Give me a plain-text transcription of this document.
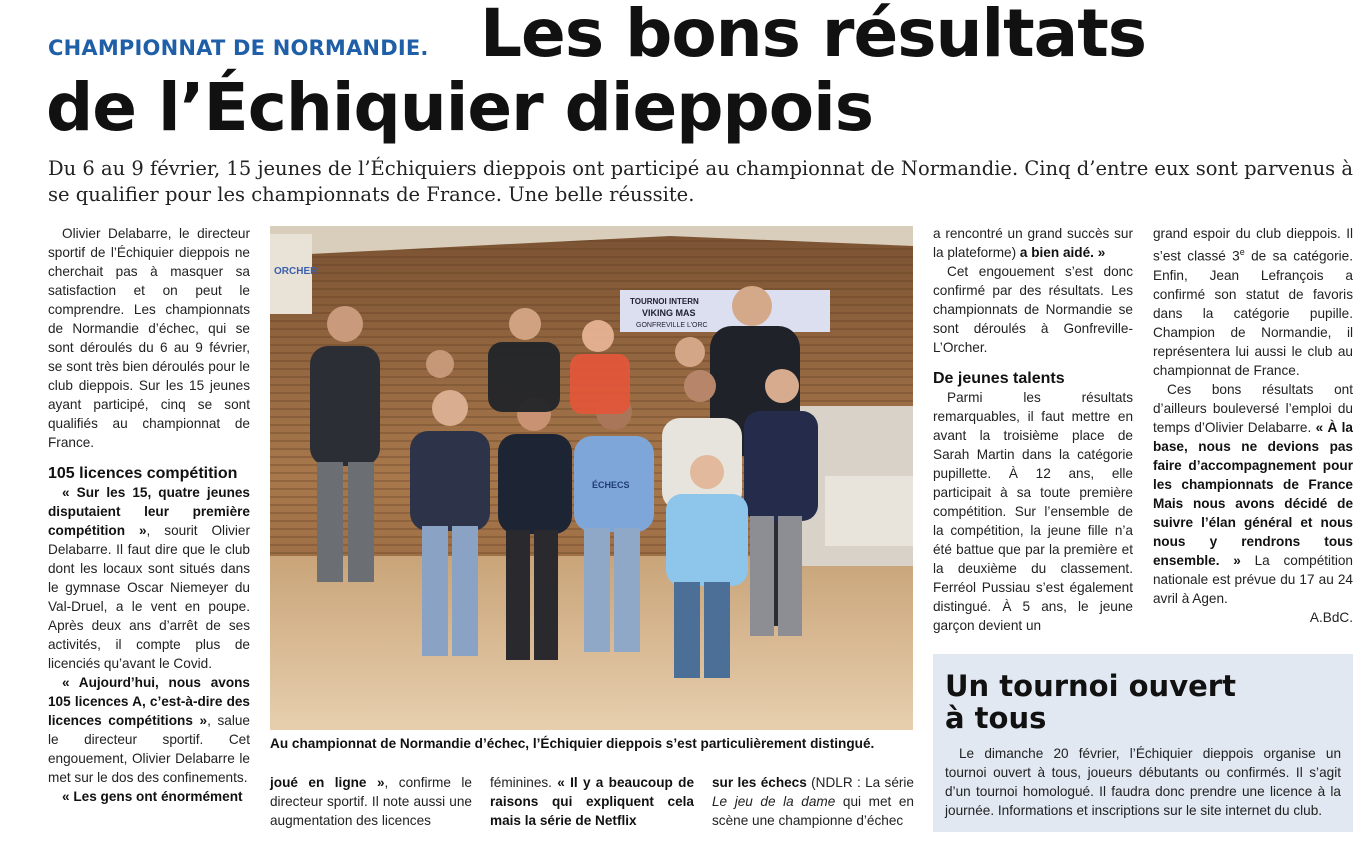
CHAMPIONNAT DE NORMANDIE. Les bons résultats
de l’Échiquier dieppois
Du 6 au 9 février, 15 jeunes de l’Échiquiers dieppois ont participé au championnat de Normandie. Cinq d’entre eux sont parvenus à se qualifier pour les championnats de France. Une belle réussite.

Olivier Delabarre, le directeur sportif de l’Échiquier dieppois ne cherchait pas à masquer sa satisfaction et on peut le comprendre. Les championnats de Normandie d’échec, qui se sont déroulés du 6 au 9 février, se sont très bien déroulés pour le club dieppois. Sur les 15 jeunes ayant participé, cinq se sont qualifiés au championnat de France.

105 licences compétition

« Sur les 15, quatre jeunes disputaient leur première compétition », sourit Olivier Delabarre. Il faut dire que le club dont les locaux sont situés dans le gymnase Oscar Niemeyer du Val-Druel, a le vent en poupe. Après deux ans d’arrêt de ses activités, il compte plus de licenciés qu’avant le Covid.

« Aujourd’hui, nous avons 105 licences A, c’est-à-dire des licences compétitions », salue le directeur sportif. Cet engouement, Olivier Delabarre le met sur le dos des confinements.

« Les gens ont énormément

ORCHER
TOURNOI INTERN
VIKING MAS
GONFREVILLE L’ORC
ÉCHECS
Au championnat de Normandie d’échec, l’Échiquier dieppois s’est particulièrement distingué.

joué en ligne », confirme le directeur sportif. Il note aussi une augmentation des licences

féminines. « Il y a beaucoup de raisons qui expliquent cela mais la série de Netflix

sur les échecs (NDLR : La série Le jeu de la dame qui met en scène une championne d’échec

a rencontré un grand succès sur la plateforme) a bien aidé. »

Cet engouement s’est donc confirmé par des résultats. Les championnats de Normandie se sont déroulés à Gonfreville-L’Orcher.

De jeunes talents

Parmi les résultats remarquables, il faut mettre en avant la troisième place de Sarah Martin dans la catégorie pupillette. À 12 ans, elle participait à sa toute première compétition. Sur l’ensemble de la compétition, la jeune fille n’a été battue que par la première et la deuxième du classement. Ferréol Pussiau s’est également distingué. À 5 ans, le jeune garçon devient un

grand espoir du club dieppois. Il s’est classé 3e de sa catégorie. Enfin, Jean Lefrançois a confirmé son statut de favoris dans la catégorie pupille. Champion de Normandie, il représentera lui aussi le club au championnat de France.

Ces bons résultats ont d’ailleurs bouleversé l’emploi du temps d’Olivier Delabarre. « À la base, nous ne devions pas faire d’accompagnement pour les championnats de France Mais nous avons décidé de suivre l’élan général et nous nous y rendrons tous ensemble. » La compétition nationale est prévue du 17 au 24 avril à Agen.

A.BdC.

Un tournoi ouvert à tous
Le dimanche 20 février, l’Échiquier dieppois organise un tournoi ouvert à tous, joueurs débutants ou confirmés. Il s’agit d’un tournoi homologué. Il faudra donc prendre une licence à la journée. Informations et inscriptions sur le site internet du club.
